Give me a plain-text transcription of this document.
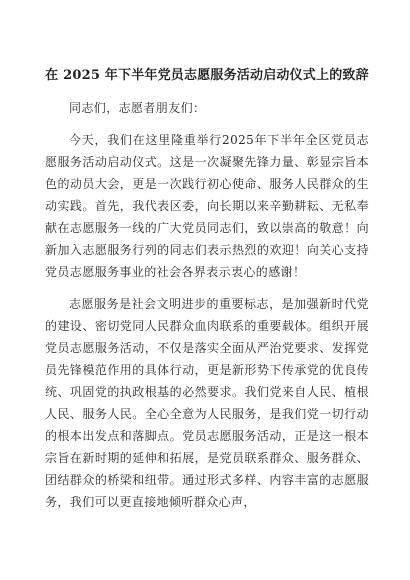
在 2025 年下半年党员志愿服务活动启动仪式上的致辞

同志们，志愿者朋友们：

今天，我们在这里隆重举行2025年下半年全区党员志愿服务活动启动仪式。这是一次凝聚先锋力量、彰显宗旨本色的动员大会，更是一次践行初心使命、服务人民群众的生动实践。首先，我代表区委，向长期以来辛勤耕耘、无私奉献在志愿服务一线的广大党员同志们，致以崇高的敬意！向新加入志愿服务行列的同志们表示热烈的欢迎！向关心支持党员志愿服务事业的社会各界表示衷心的感谢！

志愿服务是社会文明进步的重要标志，是加强新时代党的建设、密切党同人民群众血肉联系的重要载体。组织开展党员志愿服务活动，不仅是落实全面从严治党要求、发挥党员先锋模范作用的具体行动，更是新形势下传承党的优良传统、巩固党的执政根基的必然要求。我们党来自人民、植根人民、服务人民。全心全意为人民服务，是我们党一切行动的根本出发点和落脚点。党员志愿服务活动，正是这一根本宗旨在新时期的延伸和拓展，是党员联系群众、服务群众、团结群众的桥梁和纽带。通过形式多样、内容丰富的志愿服务，我们可以更直接地倾听群众心声，
